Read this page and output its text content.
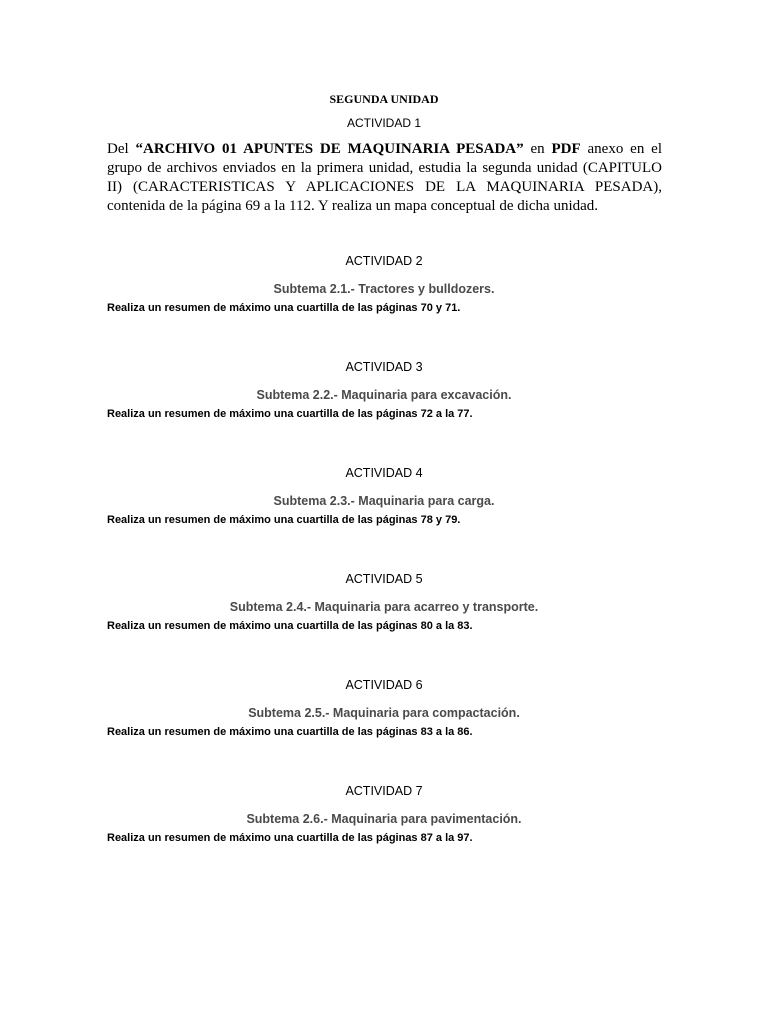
SEGUNDA UNIDAD
ACTIVIDAD 1
Del “ARCHIVO 01 APUNTES DE MAQUINARIA PESADA” en PDF anexo en el grupo de archivos enviados en la primera unidad, estudia la segunda unidad (CAPITULO II) (CARACTERISTICAS Y APLICACIONES DE LA MAQUINARIA PESADA), contenida de la página 69 a la 112. Y realiza un mapa conceptual de dicha unidad.
ACTIVIDAD 2
Subtema 2.1.- Tractores y bulldozers.
Realiza un resumen de máximo una cuartilla de las páginas 70 y 71.
ACTIVIDAD 3
Subtema 2.2.- Maquinaria para excavación.
Realiza un resumen de máximo una cuartilla de las páginas 72 a la 77.
ACTIVIDAD 4
Subtema 2.3.- Maquinaria para carga.
Realiza un resumen de máximo una cuartilla de las páginas 78 y 79.
ACTIVIDAD 5
Subtema 2.4.- Maquinaria para acarreo y transporte.
Realiza un resumen de máximo una cuartilla de las páginas 80 a la 83.
ACTIVIDAD 6
Subtema 2.5.- Maquinaria para compactación.
Realiza un resumen de máximo una cuartilla de las páginas 83 a la 86.
ACTIVIDAD 7
Subtema 2.6.- Maquinaria para pavimentación.
Realiza un resumen de máximo una cuartilla de las páginas 87 a la 97.
